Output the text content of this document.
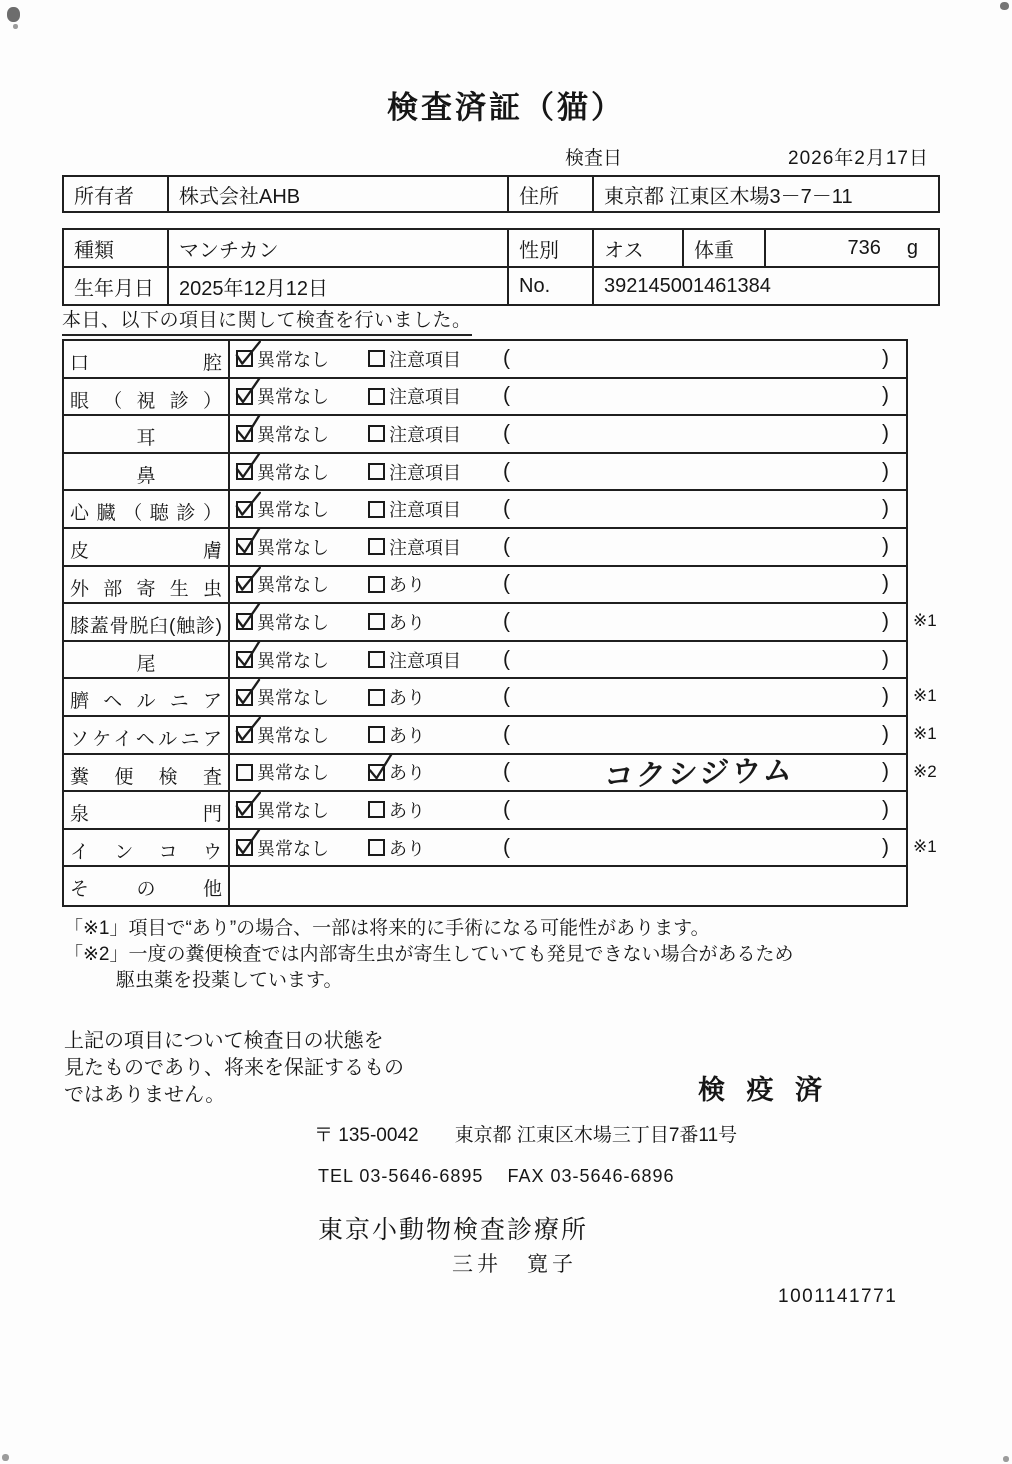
検査済証（猫）
検査日	2026年2月17日
所有者	株式会社AHB	住所	東京都 江東区木場3－7－11
種類	マンチカン	性別	オス	体重	736 g
生年月日	2025年12月12日	No.	392145001461384
本日、以下の項目に関して検査を行いました。
口腔	異常なし	注意項目 (	)
眼（視診）	異常なし	注意項目 (	)
耳	異常なし	注意項目 (	)
鼻	異常なし	注意項目 (	)
心臓（聴診）	異常なし	注意項目 (	)
皮膚	異常なし	注意項目 (	)
外部寄生虫	異常なし	あり	(	)
膝蓋骨脱臼(触診)	異常なし	あり	(	) ※1
尾	異常なし	注意項目 (	)
臍ヘルニア	異常なし	あり	(	) ※1
ソケイヘルニア	異常なし	あり	(	) ※1
糞便検査	異常なし	あり	(	コクシジウム	) ※2
泉門	異常なし	あり	(	)
インコウ	異常なし	あり	(	) ※1
その他
「※1」項目で“あり”の場合、一部は将来的に手術になる可能性があります。
「※2」一度の糞便検査では内部寄生虫が寄生していても発見できない場合があるため
駆虫薬を投薬しています。
上記の項目について検査日の状態を
見たものであり、将来を保証するもの
ではありません。	検 疫 済
〒 135-0042 東京都 江東区木場三丁目7番11号
TEL 03-5646-6895 FAX 03-5646-6896
東京小動物検査診療所
三井　寛子
1001141771
